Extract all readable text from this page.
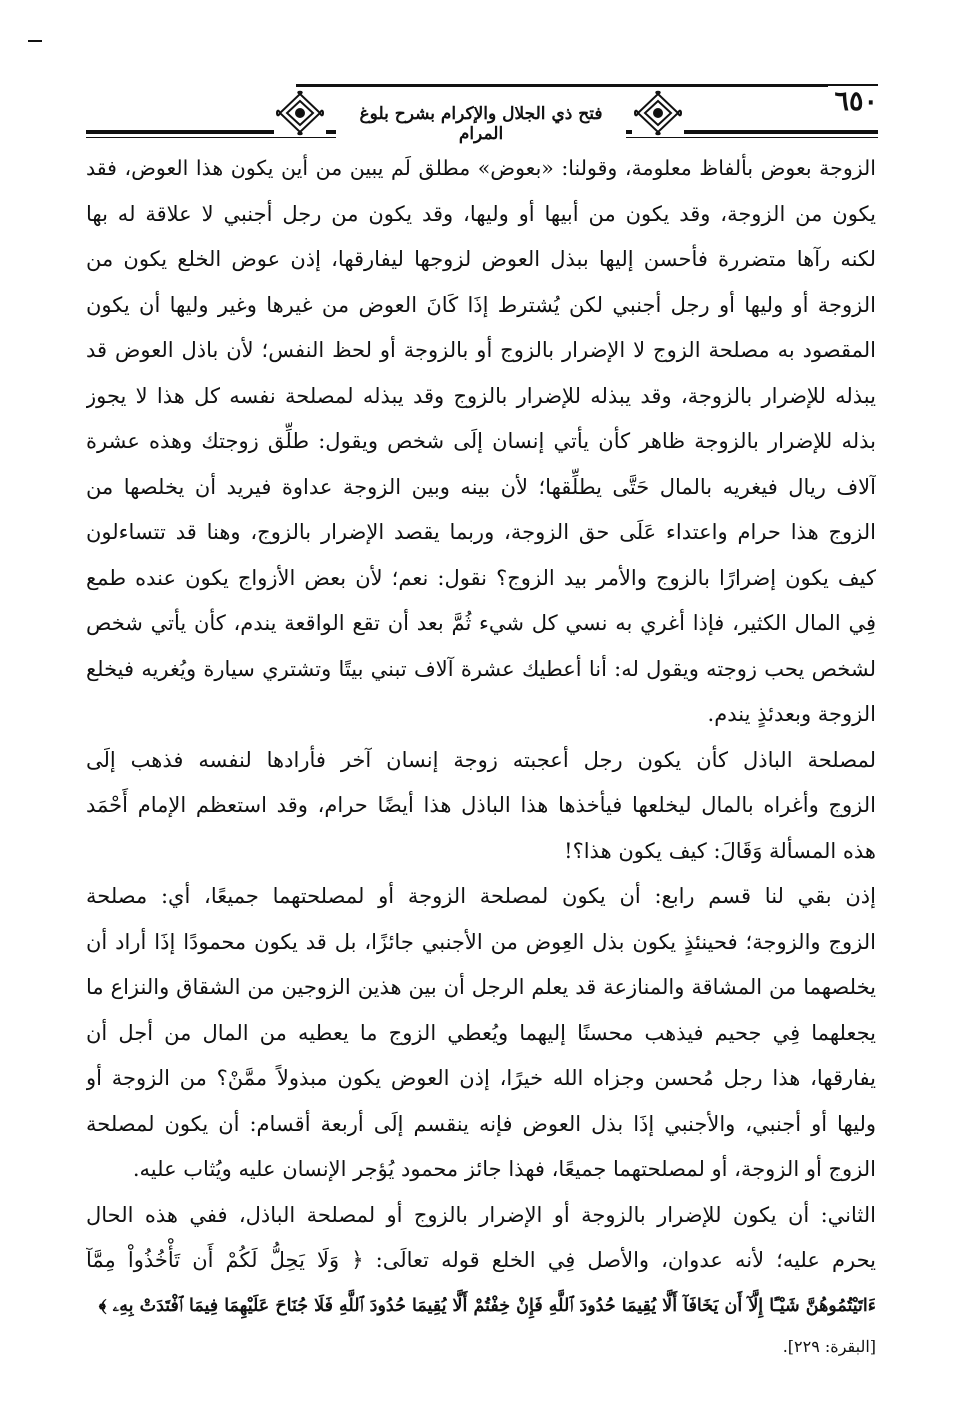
فتح ذي الجلال والإكرام بشرح بلوغ المرام
٦٥٠
الزوجة بعوض بألفاظ معلومة، وقولنا: «بعوض» مطلق لَم يبين من أين يكون هذا العوض، فقد
يكون من الزوجة، وقد يكون من أبيها أو وليها، وقد يكون من رجل أجنبي لا علاقة له بها
لكنه رآها متضررة فأحسن إليها ببذل العوض لزوجها ليفارقها، إذن عوض الخلع يكون من
الزوجة أو وليها أو رجل أجنبي لكن يُشترط إذَا كَانَ العوض من غيرها وغير وليها أن يكون
المقصود به مصلحة الزوج لا الإضرار بالزوج أو بالزوجة أو لحظ النفس؛ لأن باذل العوض قد
يبذله للإضرار بالزوجة، وقد يبذله للإضرار بالزوج وقد يبذله لمصلحة نفسه كل هذا لا يجوز
بذله للإضرار بالزوجة ظاهر كأن يأتي إنسان إلَى شخص ويقول: طلِّق زوجتك وهذه عشرة
آلاف ريال فيغريه بالمال حَتَّى يطلِّقها؛ لأن بينه وبين الزوجة عداوة فيريد أن يخلصها من
الزوج هذا حرام واعتداء عَلَى حق الزوجة، وربما يقصد الإضرار بالزوج، وهنا قد تتساءلون
كيف يكون إضرارًا بالزوج والأمر بيد الزوج؟ نقول: نعم؛ لأن بعض الأزواج يكون عنده طمع
فِي المال الكثير، فإذا أغري به نسي كل شيء ثُمَّ بعد أن تقع الواقعة يندم، كأن يأتي شخص
لشخص يحب زوجته ويقول له: أنا أعطيك عشرة آلاف تبني بيتًا وتشتري سيارة ويُغريه فيخلع
الزوجة وبعدئذٍ يندم.
لمصلحة الباذل كأن يكون رجل أعجبته زوجة إنسان آخر فأرادها لنفسه فذهب إلَى
الزوج وأغراه بالمال ليخلعها فيأخذها هذا الباذل هذا أيضًا حرام، وقد استعظم الإمام أَحْمَد
هذه المسألة وَقَالَ: كيف يكون هذا؟!
إذن بقي لنا قسم رابع: أن يكون لمصلحة الزوجة أو لمصلحتهما جميعًا، أي: مصلحة
الزوج والزوجة؛ فحينئذٍ يكون بذل العِوض من الأجنبي جائزًا، بل قد يكون محمودًا إذَا أراد أن
يخلصهما من المشاقة والمنازعة قد يعلم الرجل أن بين هذين الزوجين من الشقاق والنزاع ما
يجعلهما فِي جحيم فيذهب محسنًا إليهما ويُعطي الزوج ما يعطيه من المال من أجل أن
يفارقها، هذا رجل مُحسن وجزاه الله خيرًا، إذن العوض يكون مبذولاً ممَّنْ؟ من الزوجة أو
وليها أو أجنبي، والأجنبي إذَا بذل العوض فإنه ينقسم إلَى أربعة أقسام: أن يكون لمصلحة
الزوج أو الزوجة، أو لمصلحتهما جميعًا، فهذا جائز محمود يُؤجر الإنسان عليه ويُثاب عليه.
الثاني: أن يكون للإضرار بالزوجة أو الإضرار بالزوج أو لمصلحة الباذل، ففي هذه الحال
يحرم عليه؛ لأنه عدوان، والأصل فِي الخلع قوله تعالَى: ﴿ وَلَا يَحِلُّ لَكُمْ أَن تَأْخُذُواْ مِمَّآ
ءَاتَيْتُمُوهُنَّ شَيْـًٔا إِلَّآ أَن يَخَافَآ أَلَّا يُقِيمَا حُدُودَ ٱللَّهِ فَإِنْ خِفْتُمْ أَلَّا يُقِيمَا حُدُودَ ٱللَّهِ فَلَا جُنَاحَ عَلَيْهِمَا فِيمَا ٱفْتَدَتْ بِهِۦ ﴾
[البقرة: ٢٢٩].
